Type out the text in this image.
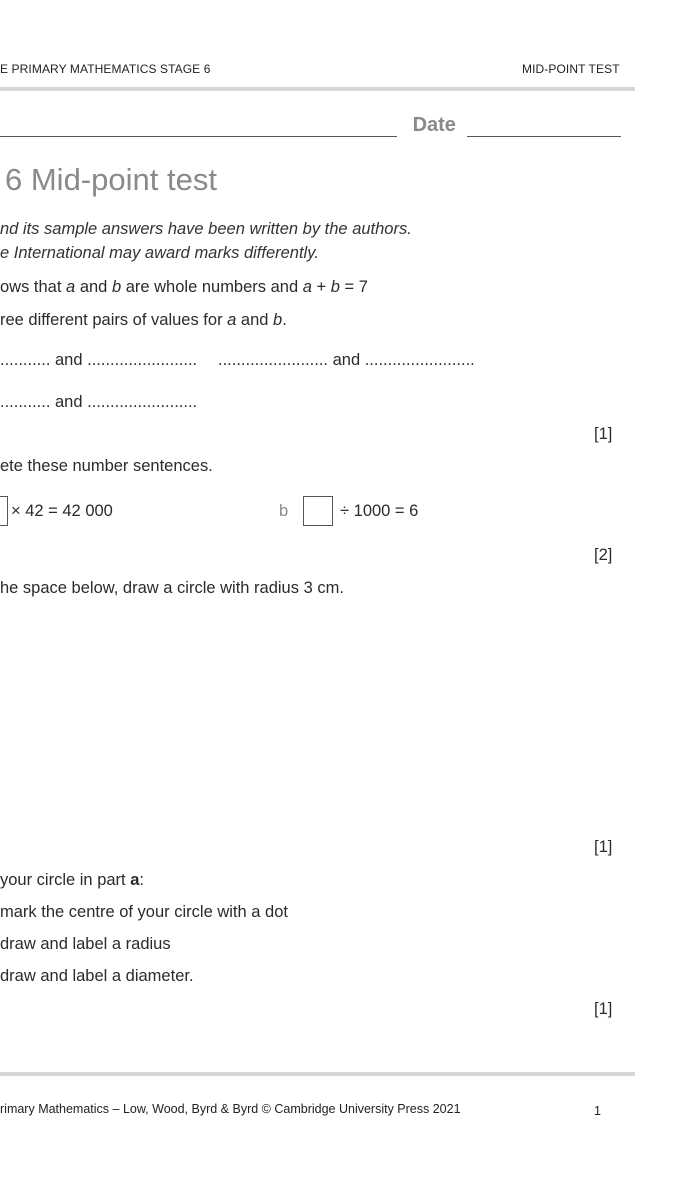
E PRIMARY MATHEMATICS STAGE 6	MID-POINT TEST
Date
6 Mid-point test
nd its sample answers have been written by the authors.
e International may award marks differently.
ows that a and b are whole numbers and a + b = 7
ree different pairs of values for a and b.
........... and ........................ ........................ and ........................
........... and ........................
[1]
ete these number sentences.
× 42 = 42 000	b	÷ 1000 = 6
[2]
he space below, draw a circle with radius 3 cm.
[1]
your circle in part a:
mark the centre of your circle with a dot
draw and label a radius
draw and label a diameter.
[1]
rimary Mathematics – Low, Wood, Byrd & Byrd © Cambridge University Press 2021	1
